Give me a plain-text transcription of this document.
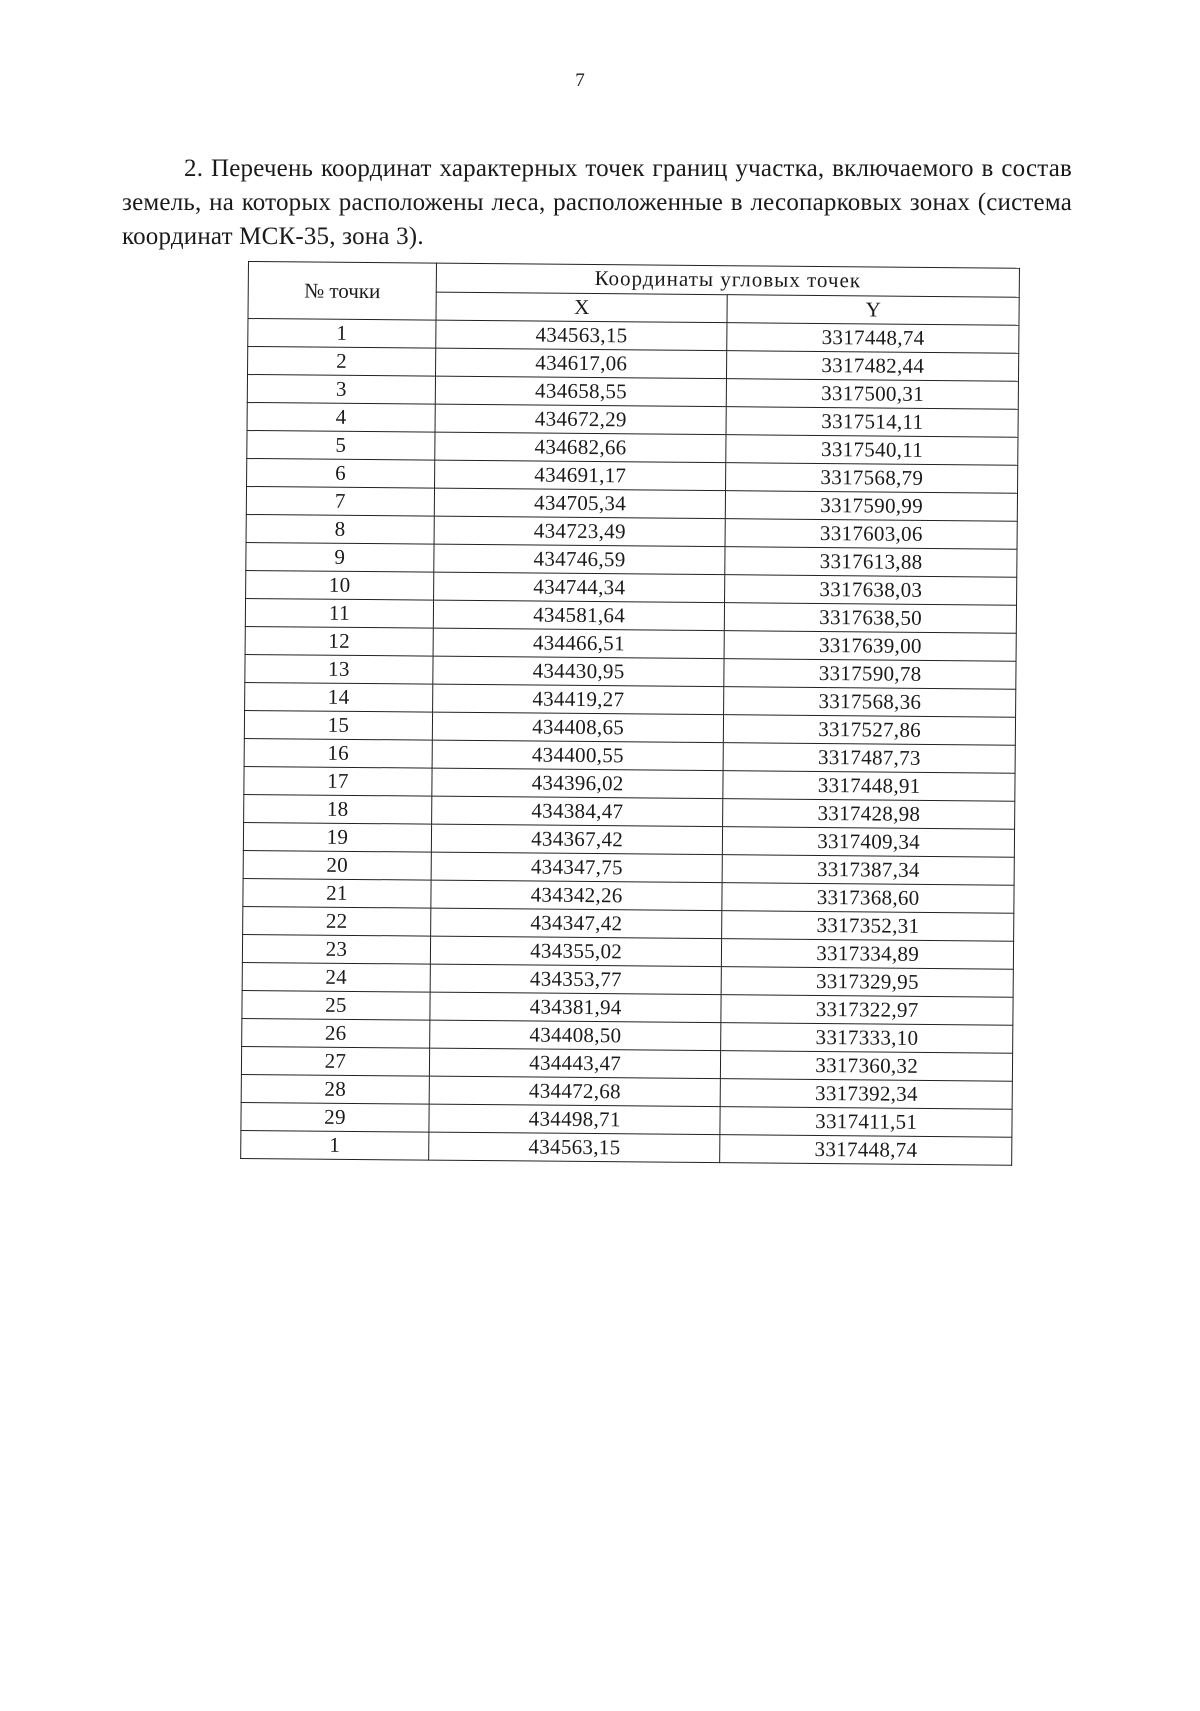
7

2. Перечень координат характерных точек границ участка, включаемого в состав земель, на которых расположены леса, расположенные в лесопарковых зонах (система координат МСК-35, зона 3).

№ точки	Координаты угловых точек	
	X	Y
1	434563,15	3317448,74
2	434617,06	3317482,44
3	434658,55	3317500,31
4	434672,29	3317514,11
5	434682,66	3317540,11
6	434691,17	3317568,79
7	434705,34	3317590,99
8	434723,49	3317603,06
9	434746,59	3317613,88
10	434744,34	3317638,03
11	434581,64	3317638,50
12	434466,51	3317639,00
13	434430,95	3317590,78
14	434419,27	3317568,36
15	434408,65	3317527,86
16	434400,55	3317487,73
17	434396,02	3317448,91
18	434384,47	3317428,98
19	434367,42	3317409,34
20	434347,75	3317387,34
21	434342,26	3317368,60
22	434347,42	3317352,31
23	434355,02	3317334,89
24	434353,77	3317329,95
25	434381,94	3317322,97
26	434408,50	3317333,10
27	434443,47	3317360,32
28	434472,68	3317392,34
29	434498,71	3317411,51
1	434563,15	3317448,74
